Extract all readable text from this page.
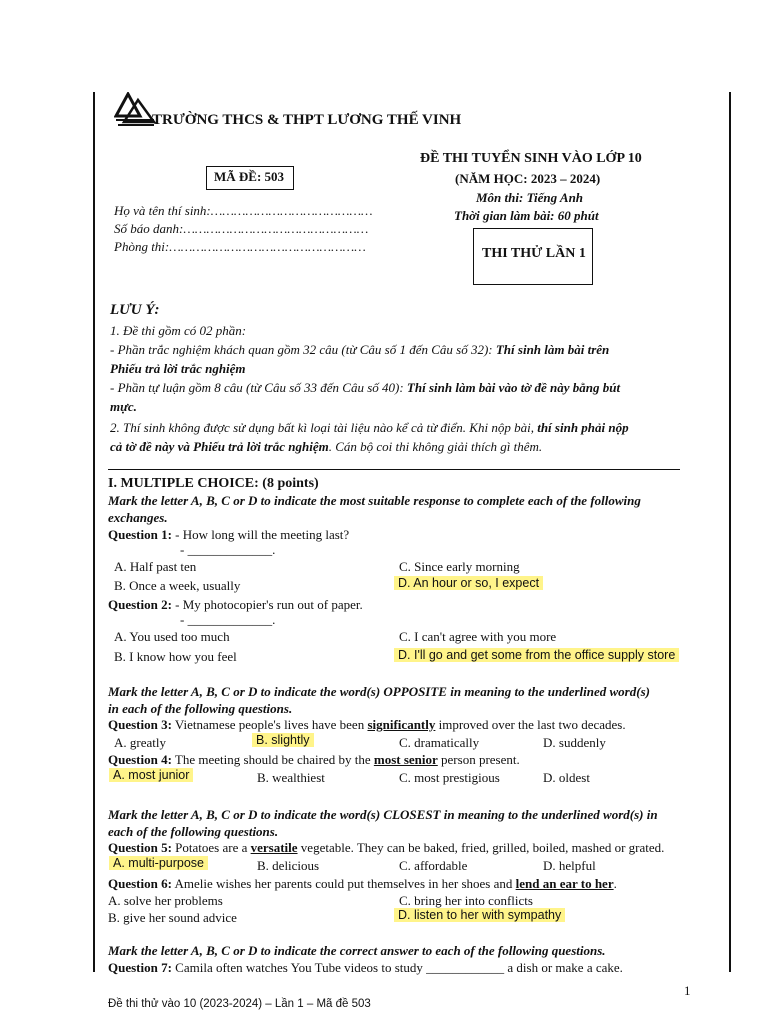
TRƯỜNG THCS & THPT LƯƠNG THẾ VINH
MÃ ĐỀ: 503
ĐỀ THI TUYỂN SINH VÀO LỚP 10
(NĂM HỌC: 2023 – 2024)
Môn thi: Tiếng Anh
Thời gian làm bài: 60 phút
THI THỬ LẦN 1
Họ và tên thí sinh:……………………………………
Số báo danh:…………………………………………
Phòng thi:……………………………………………
LƯU Ý:
1. Đề thi gồm có 02 phần:
- Phần trắc nghiệm khách quan gồm 32 câu (từ Câu số 1 đến Câu số 32): Thí sinh làm bài trên
Phiếu trả lời trắc nghiệm
- Phần tự luận gồm 8 câu (từ Câu số 33 đến Câu số 40): Thí sinh làm bài vào tờ đề này bằng bút
mực.
2. Thí sinh không được sử dụng bất kì loại tài liệu nào kể cả từ điển. Khi nộp bài, thí sinh phải nộp
cả tờ đề này và Phiếu trả lời trắc nghiệm. Cán bộ coi thi không giải thích gì thêm.
I. MULTIPLE CHOICE: (8 points)
Mark the letter A, B, C or D to indicate the most suitable response to complete each of the following
exchanges.
Question 1: - How long will the meeting last?
- _____________.
A. Half past ten	C. Since early morning
B. Once a week, usually	D. An hour or so, I expect
Question 2: - My photocopier's run out of paper.
- _____________.
A. You used too much	C. I can't agree with you more
B. I know how you feel	D. I'll go and get some from the office supply store
Mark the letter A, B, C or D to indicate the word(s) OPPOSITE in meaning to the underlined word(s)
in each of the following questions.
Question 3: Vietnamese people's lives have been significantly improved over the last two decades.
A. greatly	B. slightly	C. dramatically	D. suddenly
Question 4: The meeting should be chaired by the most senior person present.
A. most junior	B. wealthiest	C. most prestigious	D. oldest
Mark the letter A, B, C or D to indicate the word(s) CLOSEST in meaning to the underlined word(s) in
each of the following questions.
Question 5: Potatoes are a versatile vegetable. They can be baked, fried, grilled, boiled, mashed or grated.
A. multi-purpose	B. delicious	C. affordable	D. helpful
Question 6: Amelie wishes her parents could put themselves in her shoes and lend an ear to her.
A. solve her problems	C. bring her into conflicts
B. give her sound advice	D. listen to her with sympathy
Mark the letter A, B, C or D to indicate the correct answer to each of the following questions.
Question 7: Camila often watches You Tube videos to study ____________ a dish or make a cake.
1
Đề thi thử vào 10 (2023-2024) – Lần 1 – Mã đề 503
